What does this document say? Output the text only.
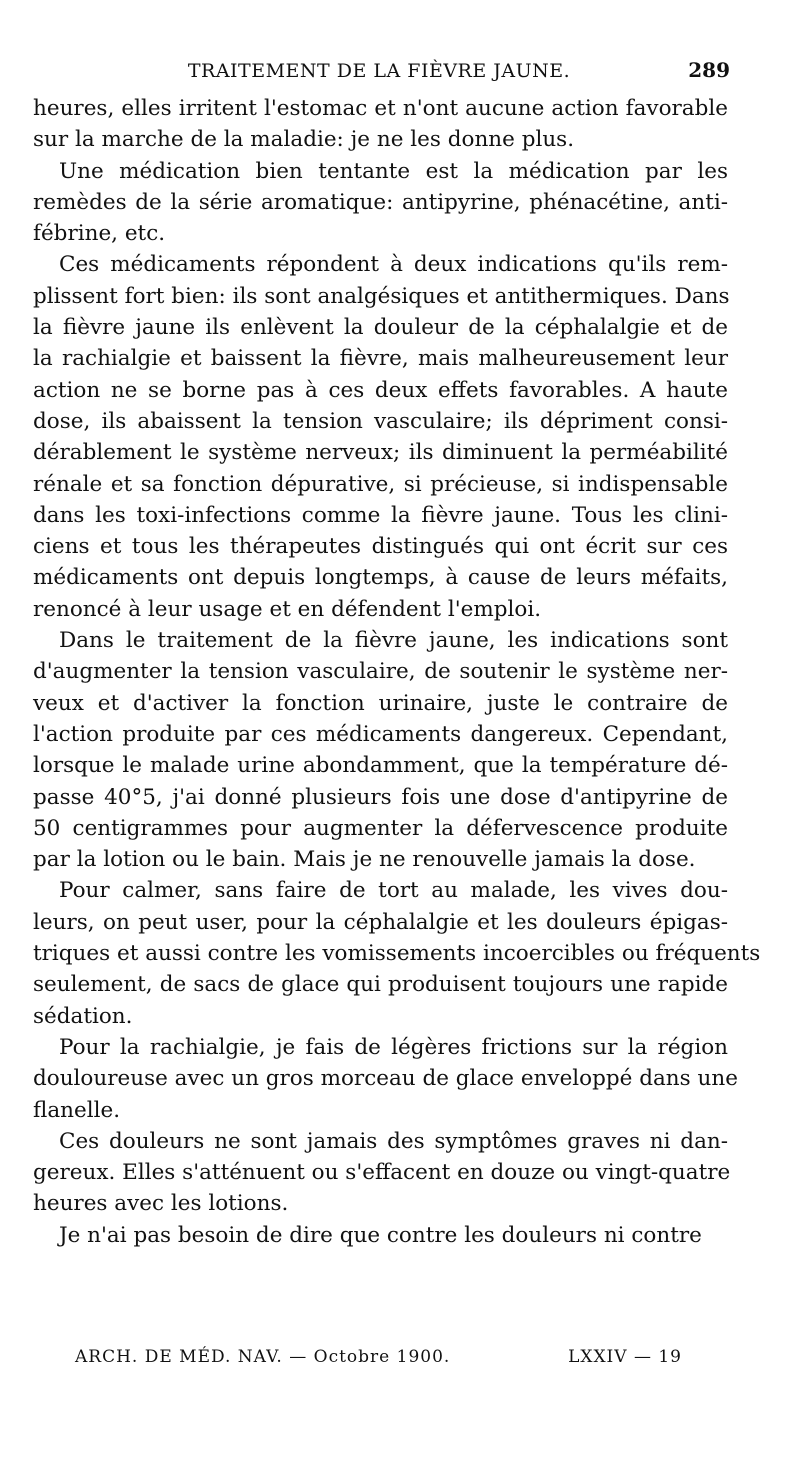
TRAITEMENT DE LA FIÈVRE JAUNE.	289
heures, elles irritent l'estomac et n'ont aucune action favorable
sur la marche de la maladie: je ne les donne plus.
Une médication bien tentante est la médication par les
remèdes de la série aromatique: antipyrine, phénacétine, anti-
fébrine, etc.
Ces médicaments répondent à deux indications qu'ils rem-
plissent fort bien: ils sont analgésiques et antithermiques. Dans
la fièvre jaune ils enlèvent la douleur de la céphalalgie et de
la rachialgie et baissent la fièvre, mais malheureusement leur
action ne se borne pas à ces deux effets favorables. A haute
dose, ils abaissent la tension vasculaire; ils dépriment consi-
dérablement le système nerveux; ils diminuent la perméabilité
rénale et sa fonction dépurative, si précieuse, si indispensable
dans les toxi-infections comme la fièvre jaune. Tous les clini-
ciens et tous les thérapeutes distingués qui ont écrit sur ces
médicaments ont depuis longtemps, à cause de leurs méfaits,
renoncé à leur usage et en défendent l'emploi.
Dans le traitement de la fièvre jaune, les indications sont
d'augmenter la tension vasculaire, de soutenir le système ner-
veux et d'activer la fonction urinaire, juste le contraire de
l'action produite par ces médicaments dangereux. Cependant,
lorsque le malade urine abondamment, que la température dé-
passe 40°5, j'ai donné plusieurs fois une dose d'antipyrine de
50 centigrammes pour augmenter la défervescence produite
par la lotion ou le bain. Mais je ne renouvelle jamais la dose.
Pour calmer, sans faire de tort au malade, les vives dou-
leurs, on peut user, pour la céphalalgie et les douleurs épigas-
triques et aussi contre les vomissements incoercibles ou fréquents
seulement, de sacs de glace qui produisent toujours une rapide
sédation.
Pour la rachialgie, je fais de légères frictions sur la région
douloureuse avec un gros morceau de glace enveloppé dans une
flanelle.
Ces douleurs ne sont jamais des symptômes graves ni dan-
gereux. Elles s'atténuent ou s'effacent en douze ou vingt-quatre
heures avec les lotions.
Je n'ai pas besoin de dire que contre les douleurs ni contre
ARCH. DE MÉD. NAV. — Octobre 1900.	LXXIV — 19
